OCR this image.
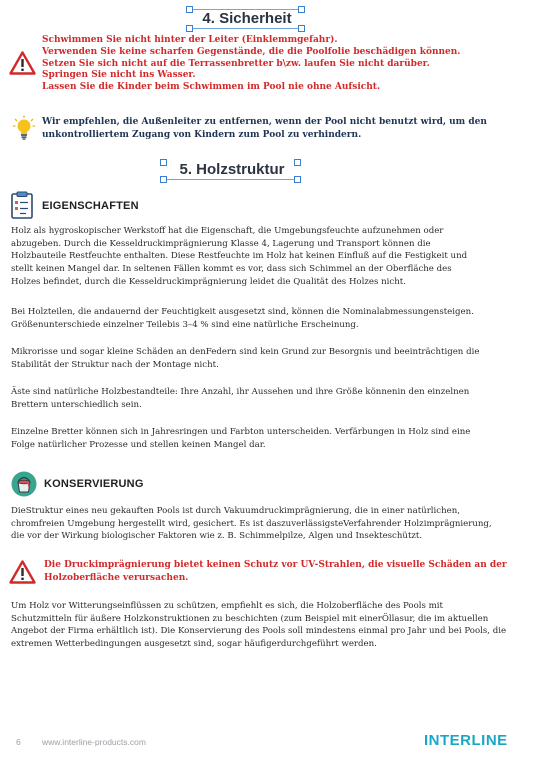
4. Sicherheit
Schwimmen Sie nicht hinter der Leiter (Einklemmgefahr).
Verwenden Sie keine scharfen Gegenstände, die die Poolfolie beschädigen können.
Setzen Sie sich nicht auf die Terrassenbretter b\zw. laufen Sie nicht darüber.
Springen Sie nicht ins Wasser.
Lassen Sie die Kinder beim Schwimmen im Pool nie ohne Aufsicht.
Wir empfehlen, die Außenleiter zu entfernen, wenn der Pool nicht benutzt wird, um den
unkontrolliertem Zugang von Kindern zum Pool zu verhindern.
5. Holzstruktur
EIGENSCHAFTEN
Holz als hygroskopischer Werkstoff hat die Eigenschaft, die Umgebungsfeuchte aufzunehmen oder
abzugeben. Durch die Kesseldruckimprägnierung Klasse 4, Lagerung und Transport können die
Holzbauteile Restfeuchte enthalten. Diese Restfeuchte im Holz hat keinen Einfluß auf die Festigkeit und
stellt keinen Mangel dar. In seltenen Fällen kommt es vor, dass sich Schimmel an der Oberfläche des
Holzes befindet, durch die Kesseldruckimprägnierung leidet die Qualität des Holzes nicht.
Bei Holzteilen, die andauernd der Feuchtigkeit ausgesetzt sind, können die Nominalabmessungensteigen.
Größenunterschiede einzelner Teilebis 3–4 % sind eine natürliche Erscheinung.
Mikrorisse und sogar kleine Schäden an denFedern sind kein Grund zur Besorgnis und beeinträchtigen die
Stabilität der Struktur nach der Montage nicht.
Äste sind natürliche Holzbestandteile: Ihre Anzahl, ihr Aussehen und ihre Größe könnenin den einzelnen
Brettern unterschiedlich sein.
Einzelne Bretter können sich in Jahresringen und Farbton unterscheiden. Verfärbungen in Holz sind eine
Folge natürlicher Prozesse und stellen keinen Mangel dar.
KONSERVIERUNG
DieStruktur eines neu gekauften Pools ist durch Vakuumdruckimprägnierung, die in einer natürlichen,
chromfreien Umgebung hergestellt wird, gesichert. Es ist daszuverlässigsteVerfahrender Holzimprägnierung,
die vor der Wirkung biologischer Faktoren wie z. B. Schimmelpilze, Algen und Insekteschützt.
Die Druckimprägnierung bietet keinen Schutz vor UV-Strahlen, die visuelle Schäden an der
Holzoberfläche verursachen.
Um Holz vor Witterungseinflüssen zu schützen, empfiehlt es sich, die Holzoberfläche des Pools mit
Schutzmitteln für äußere Holzkonstruktionen zu beschichten (zum Beispiel mit einerÖllasur, die im aktuellen
Angebot der Firma erhältlich ist). Die Konservierung des Pools soll mindestens einmal pro Jahr und bei Pools, die
extremen Wetterbedingungen ausgesetzt sind, sogar häufigerdurchgeführt werden.
6	www.interline-products.com	INTERLINE
